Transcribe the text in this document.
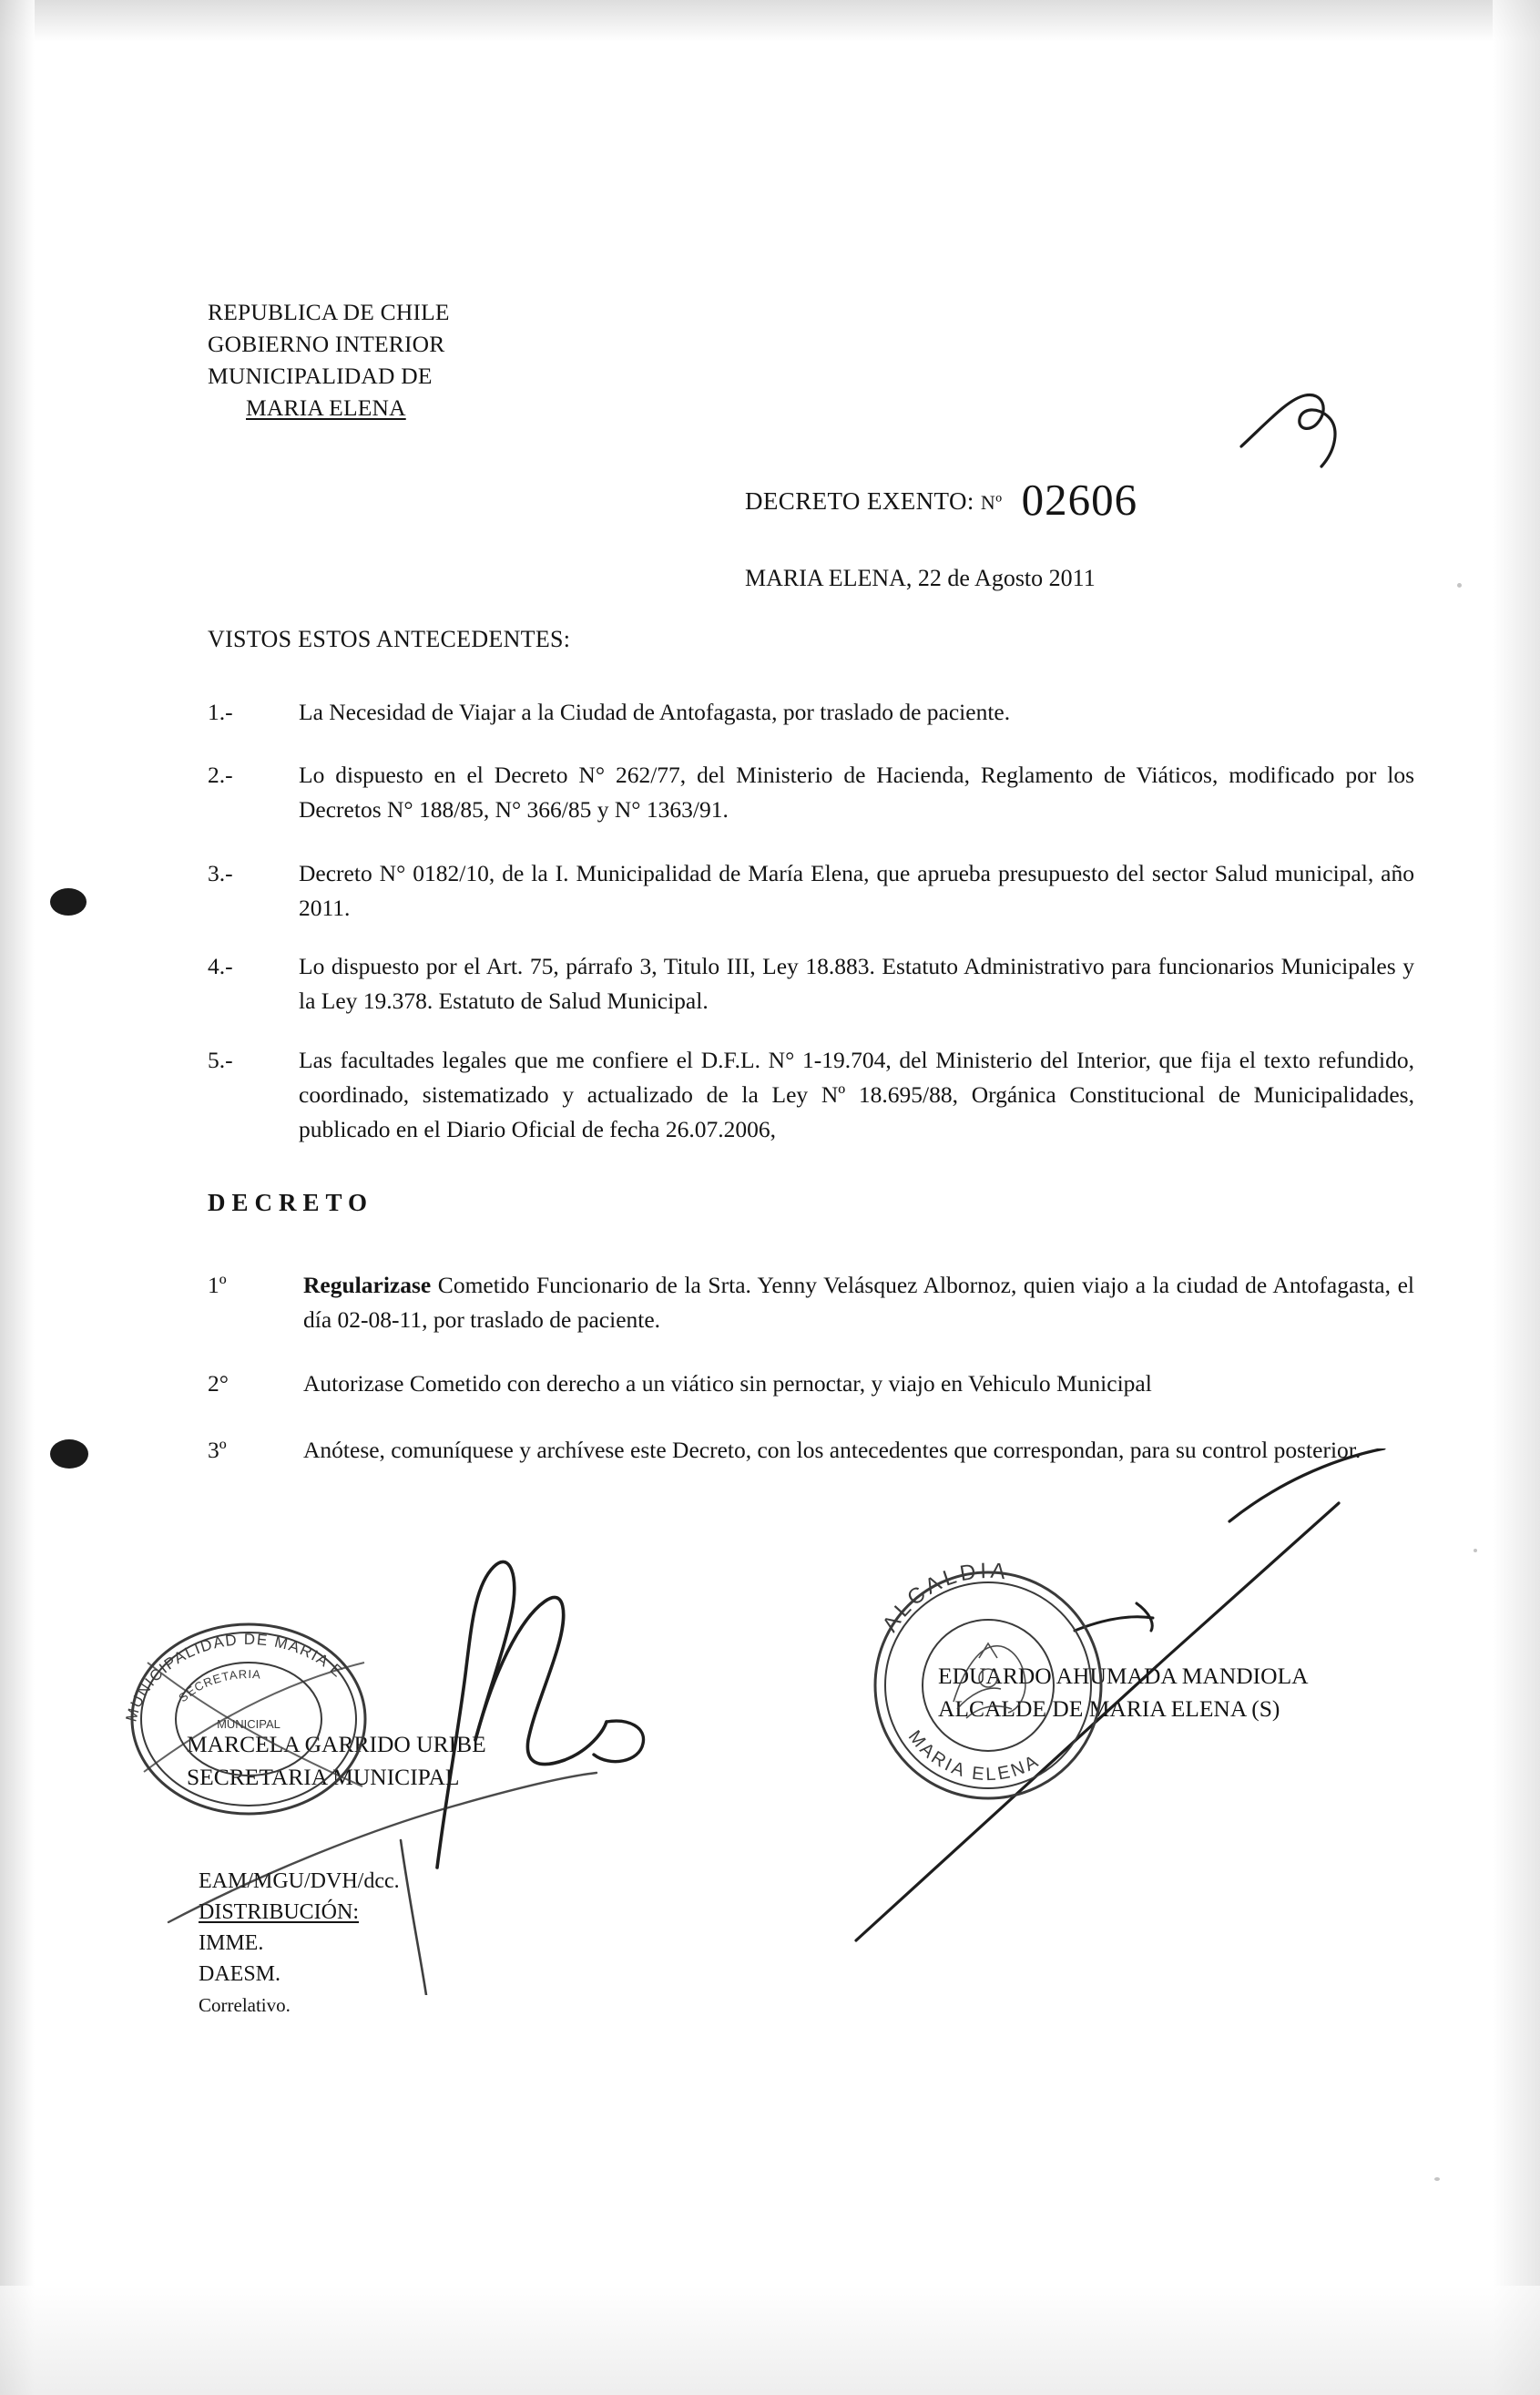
REPUBLICA DE CHILE
GOBIERNO INTERIOR
MUNICIPALIDAD DE
MARIA ELENA
DECRETO EXENTO: Nº 02606
MARIA ELENA, 22 de Agosto 2011
VISTOS ESTOS ANTECEDENTES:
1.-	La Necesidad de Viajar a la Ciudad de Antofagasta, por traslado de paciente.
2.-	Lo dispuesto en el Decreto N° 262/77, del Ministerio de Hacienda, Reglamento de Viáticos, modificado por los Decretos N° 188/85, N° 366/85 y N° 1363/91.
3.-	Decreto N° 0182/10, de la I. Municipalidad de María Elena, que aprueba presupuesto del sector Salud municipal, año 2011.
4.-	Lo dispuesto por el Art. 75, párrafo 3, Titulo III, Ley 18.883. Estatuto Administrativo para funcionarios Municipales y la Ley 19.378. Estatuto de Salud Municipal.
5.-	Las facultades legales que me confiere el D.F.L. N° 1-19.704, del Ministerio del Interior, que fija el texto refundido, coordinado, sistematizado y actualizado de la Ley Nº 18.695/88, Orgánica Constitucional de Municipalidades, publicado en el Diario Oficial de fecha 26.07.2006,
DECRETO
1º	Regularizase Cometido Funcionario de la Srta. Yenny Velásquez Albornoz, quien viajo a la ciudad de Antofagasta, el día 02-08-11, por traslado de paciente.
2°	Autorizase Cometido con derecho a un viático sin pernoctar, y viajo en Vehiculo Municipal
3º	Anótese, comuníquese y archívese este Decreto, con los antecedentes que correspondan, para su control posterior.
MARCELA GARRIDO URIBE
SECRETARIA MUNICIPAL
EDUARDO AHUMADA MANDIOLA
ALCALDE DE MARIA ELENA (S)
EAM/MGU/DVH/dcc.
DISTRIBUCIÓN:
IMME.
DAESM.
Correlativo.
MUNICIPALIDAD DE MARIA E
SECRETARIA
MUNICIPAL
ALCALDIA
MARIA ELENA
